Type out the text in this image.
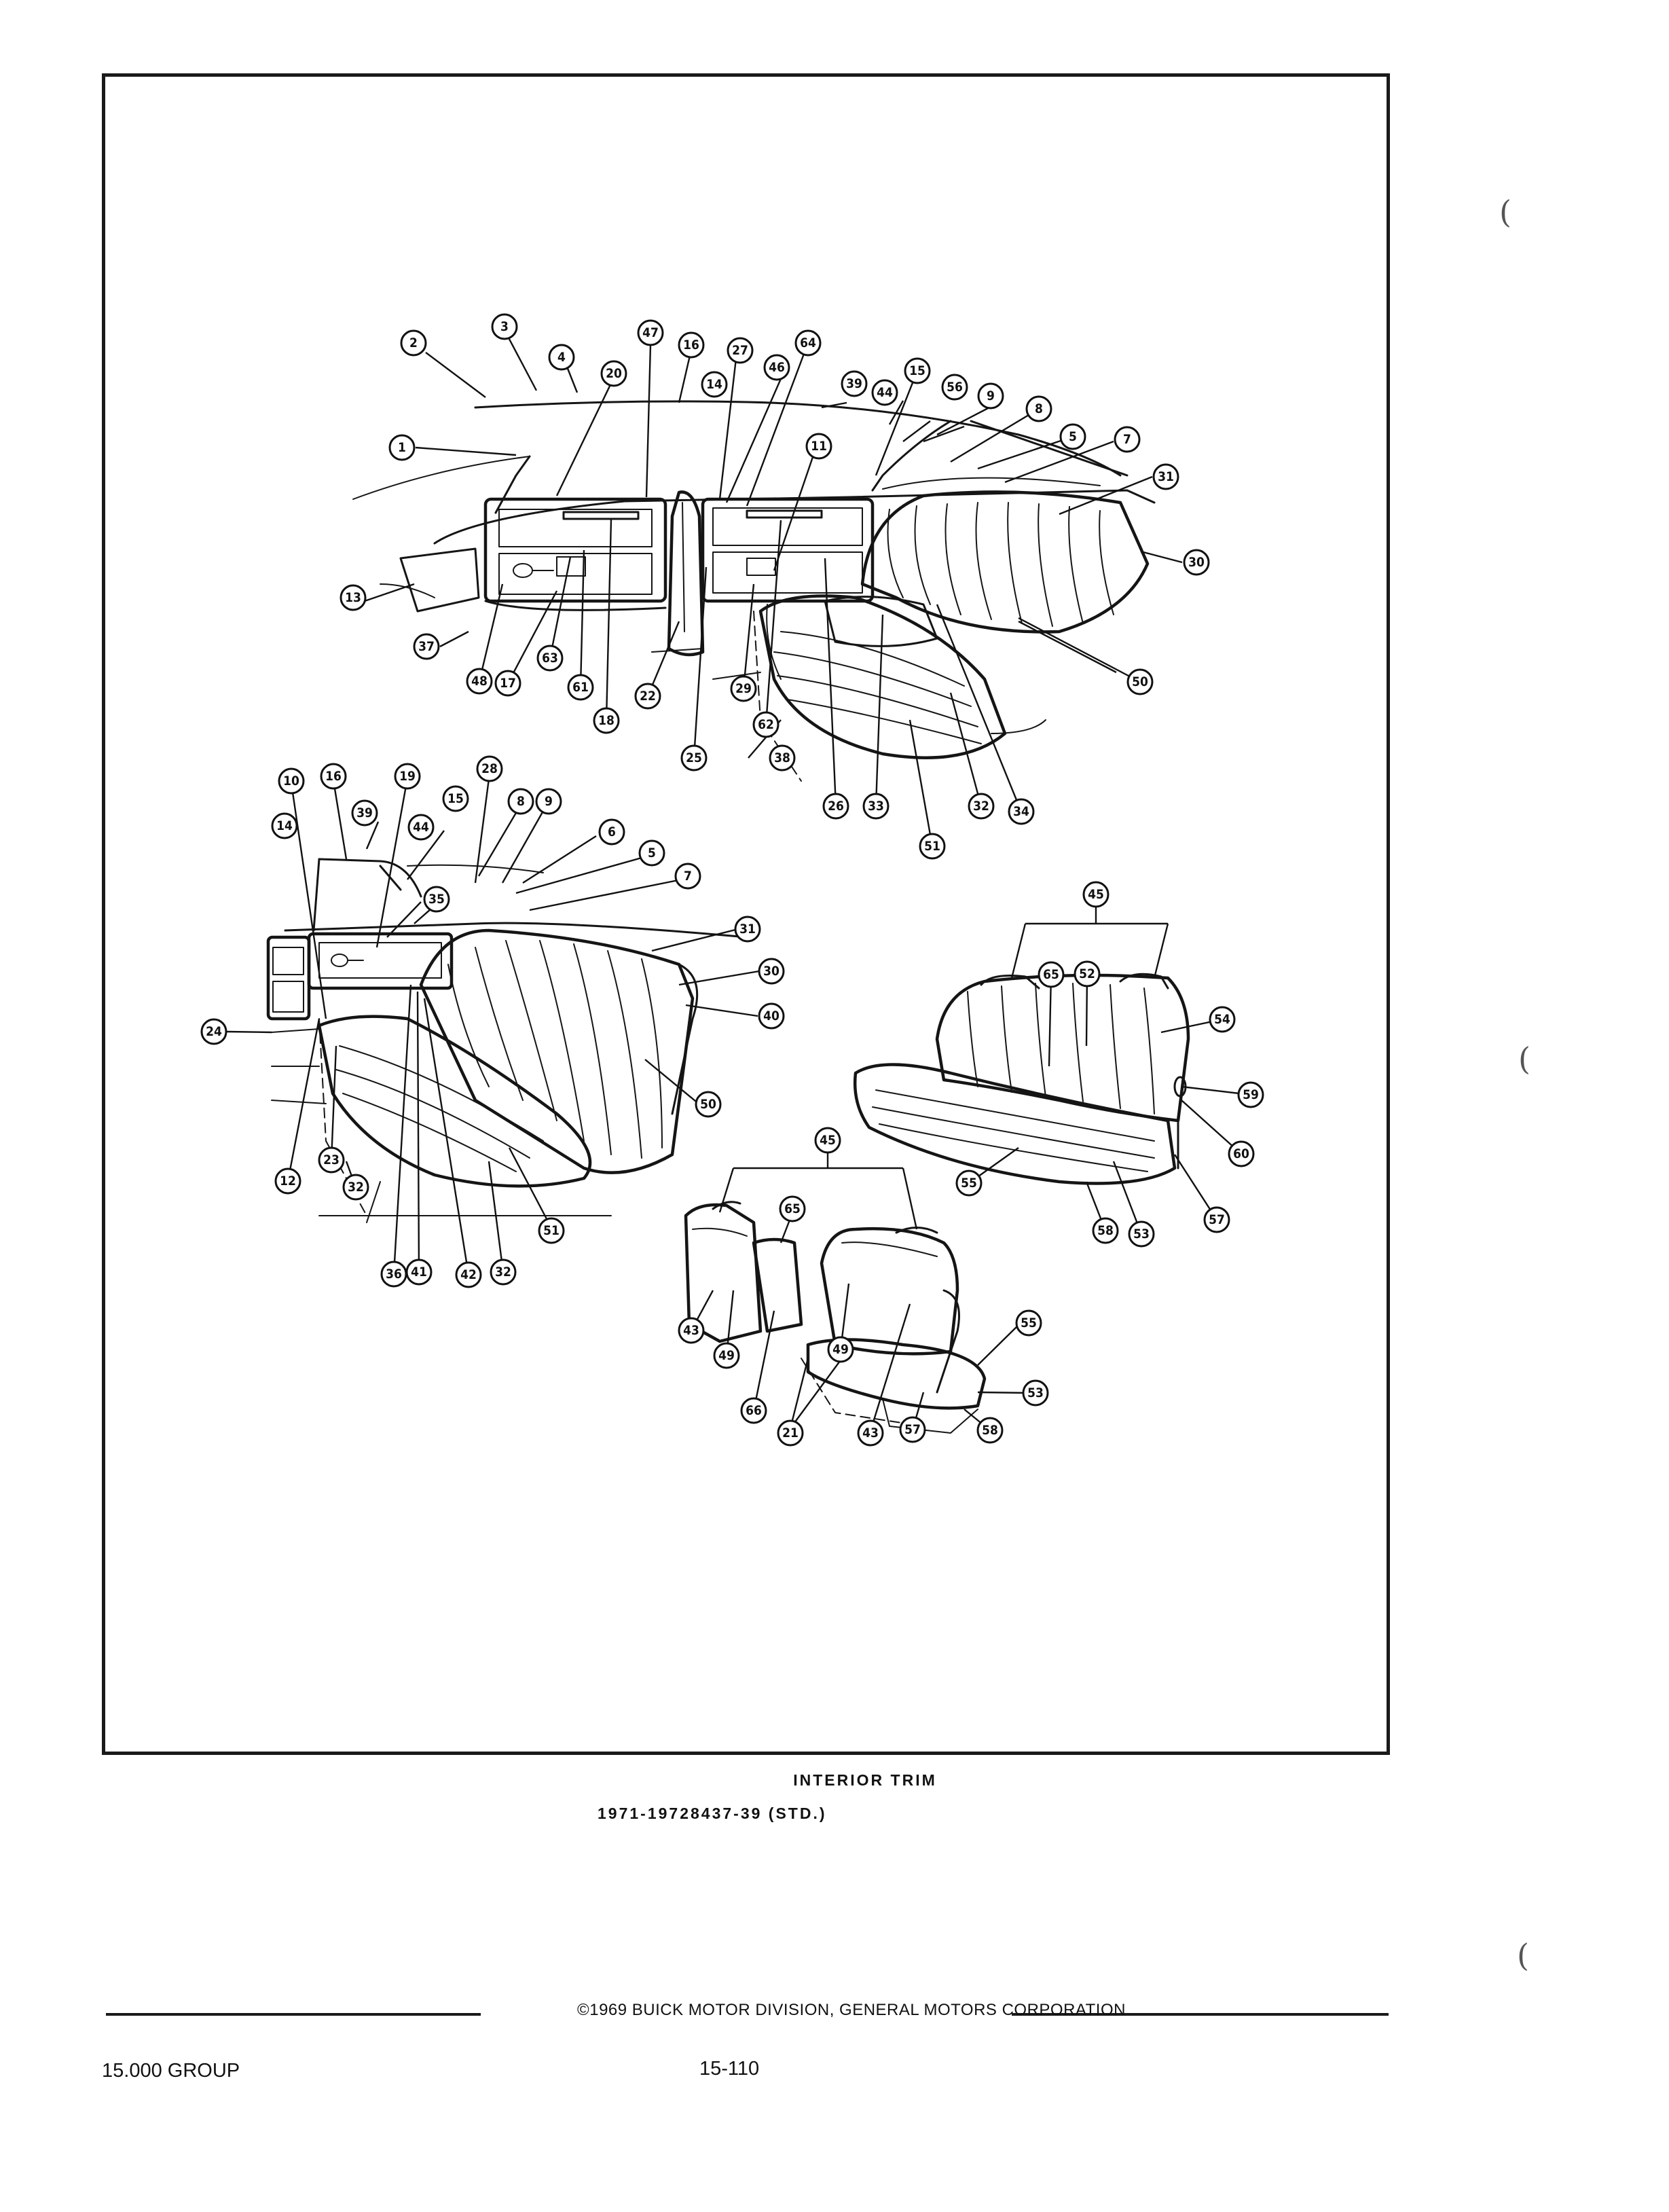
1
2
3
4
5
6
7
8
9
10
11
12
13
14
15
16
17
18
19
20
21
22
23
24
25
26
27
28
29
30
31
32
33	34
35
36
37
38
39
40
41	42
43
44
45
46
47
48
49
50
51
52
53
54
55
56
57
58
59
60
61
62
63
64
65
66
14
16
39
44
15	8 9
5
7
31
30
50
51
32
32
45
65
49
43 57	58
55
53
INTERIOR TRIM
1971-19728437-39 (STD.)
©1969 BUICK MOTOR DIVISION, GENERAL MOTORS CORPORATION
15.000 GROUP	15-110
(
(
(
